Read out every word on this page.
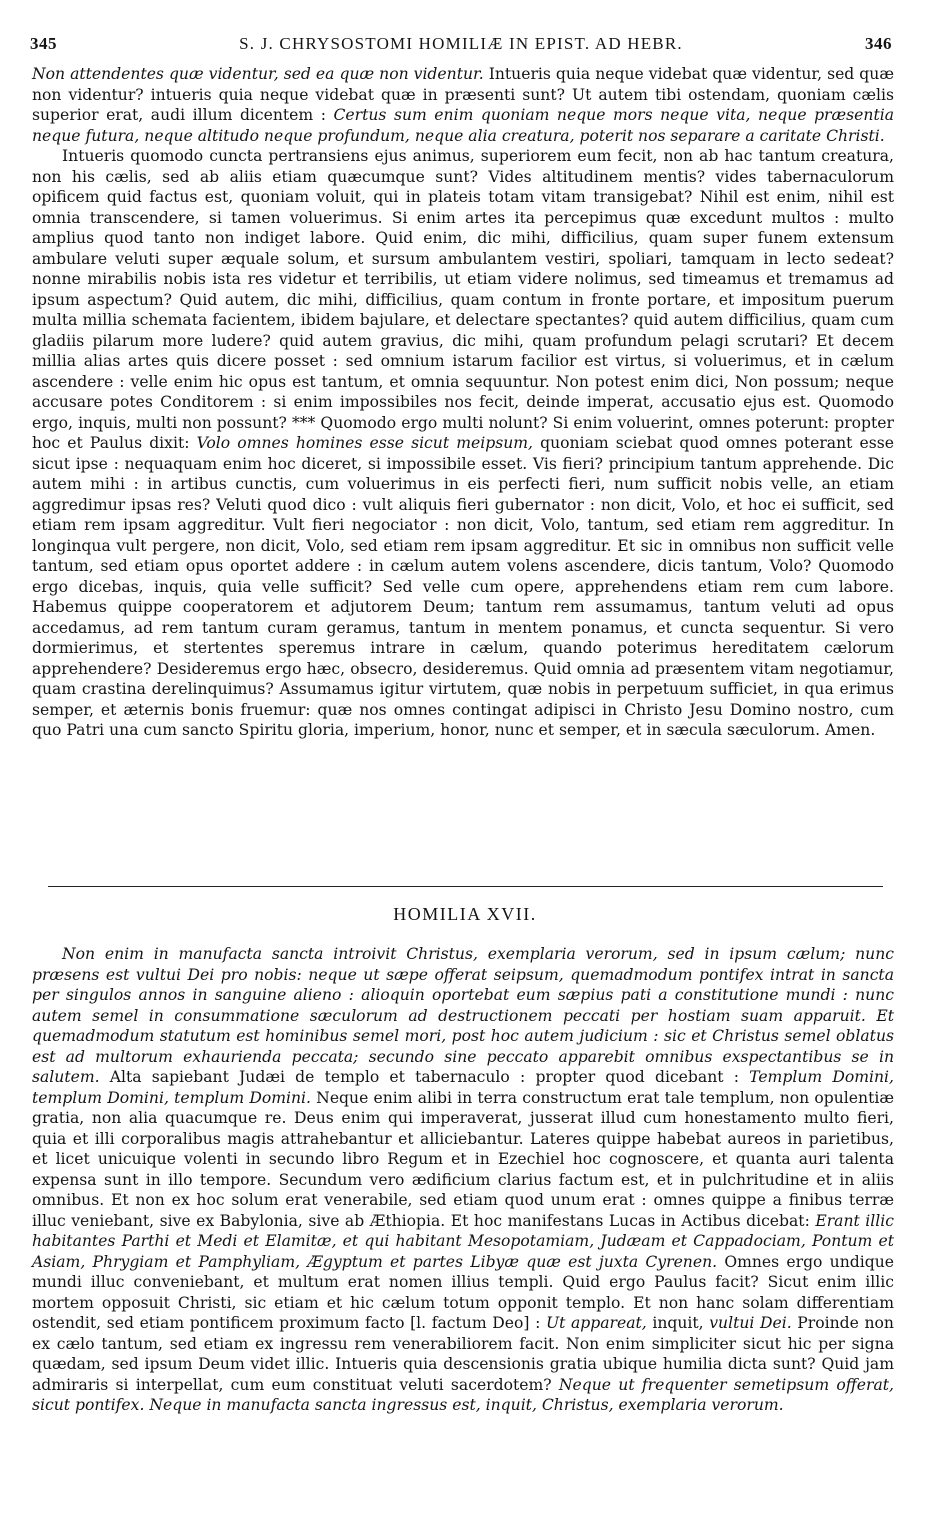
345	S. J. CHRYSOSTOMI HOMILIÆ IN EPIST. AD HEBR.	346

Non attendentes quæ videntur, sed ea quæ non videntur. Intueris quia neque videbat quæ videntur, sed quæ non videntur? intueris quia neque videbat quæ in præsenti sunt? Ut autem tibi ostendam, quoniam cælis superior erat, audi illum dicentem : Certus sum enim quoniam neque mors neque vita, neque præsentia neque futura, neque altitudo neque profundum, neque alia creatura, poterit nos separare a caritate Christi.

Intueris quomodo cuncta pertransiens ejus animus, superiorem eum fecit, non ab hac tantum creatura, non his cælis, sed ab aliis etiam quæcumque sunt? Vides altitudinem mentis? vides tabernaculorum opificem quid factus est, quoniam voluit, qui in plateis totam vitam transigebat? Nihil est enim, nihil est omnia transcendere, si tamen voluerimus. Si enim artes ita percepimus quæ excedunt multos : multo amplius quod tanto non indiget labore. Quid enim, dic mihi, difficilius, quam super funem extensum ambulare veluti super æquale solum, et sursum ambulantem vestiri, spoliari, tamquam in lecto sedeat? nonne mirabilis nobis ista res videtur et terribilis, ut etiam videre nolimus, sed timeamus et tremamus ad ipsum aspectum? Quid autem, dic mihi, difficilius, quam contum in fronte portare, et impositum puerum multa millia schemata facientem, ibidem bajulare, et delectare spectantes? quid autem difficilius, quam cum gladiis pilarum more ludere? quid autem gravius, dic mihi, quam profundum pelagi scrutari? Et decem millia alias artes quis dicere posset : sed omnium istarum facilior est virtus, si voluerimus, et in cælum ascendere : velle enim hic opus est tantum, et omnia sequuntur. Non potest enim dici, Non possum; neque accusare potes Conditorem : si enim impossibiles nos fecit, deinde imperat, accusatio ejus est. Quomodo ergo, inquis, multi non possunt? *** Quomodo ergo multi nolunt? Si enim voluerint, omnes poterunt: propter hoc et Paulus dixit: Volo omnes homines esse sicut meipsum, quoniam sciebat quod omnes poterant esse sicut ipse : nequaquam enim hoc diceret, si impossibile esset. Vis fieri? principium tantum apprehende. Dic autem mihi : in artibus cunctis, cum voluerimus in eis perfecti fieri, num sufficit nobis velle, an etiam aggredimur ipsas res? Veluti quod dico : vult aliquis fieri gubernator : non dicit, Volo, et hoc ei sufficit, sed etiam rem ipsam aggreditur. Vult fieri negociator : non dicit, Volo, tantum, sed etiam rem aggreditur. In longinqua vult pergere, non dicit, Volo, sed etiam rem ipsam aggreditur. Et sic in omnibus non sufficit velle tantum, sed etiam opus oportet addere : in cælum autem volens ascendere, dicis tantum, Volo? Quomodo ergo dicebas, inquis, quia velle sufficit? Sed velle cum opere, apprehendens etiam rem cum labore. Habemus quippe cooperatorem et adjutorem Deum; tantum rem assumamus, tantum veluti ad opus accedamus, ad rem tantum curam geramus, tantum in mentem ponamus, et cuncta sequentur. Si vero dormierimus, et stertentes speremus intrare in cælum, quando poterimus hereditatem cælorum apprehendere? Desideremus ergo hæc, obsecro, desideremus. Quid omnia ad præsentem vitam negotiamur, quam crastina derelinquimus? Assumamus igitur virtutem, quæ nobis in perpetuum sufficiet, in qua erimus semper, et æternis bonis fruemur: quæ nos omnes contingat adipisci in Christo Jesu Domino nostro, cum quo Patri una cum sancto Spiritu gloria, imperium, honor, nunc et semper, et in sæcula sæculorum. Amen.

HOMILIA XVII.

Non enim in manufacta sancta introivit Christus, exemplaria verorum, sed in ipsum cælum; nunc præsens est vultui Dei pro nobis: neque ut sæpe offerat seipsum, quemadmodum pontifex intrat in sancta per singulos annos in sanguine alieno : alioquin oportebat eum sæpius pati a constitutione mundi : nunc autem semel in consummatione sæculorum ad destructionem peccati per hostiam suam apparuit. Et quemadmodum statutum est hominibus semel mori, post hoc autem judicium : sic et Christus semel oblatus est ad multorum exhaurienda peccata; secundo sine peccato apparebit omnibus exspectantibus se in salutem. Alta sapiebant Judæi de templo et tabernaculo : propter quod dicebant : Templum Domini, templum Domini, templum Domini. Neque enim alibi in terra constructum erat tale templum, non opulentiæ gratia, non alia quacumque re. Deus enim qui imperaverat, jusserat illud cum honestamento multo fieri, quia et illi corporalibus magis attrahebantur et alliciebantur. Lateres quippe habebat aureos in parietibus, et licet unicuique volenti in secundo libro Regum et in Ezechiel hoc cognoscere, et quanta auri talenta expensa sunt in illo tempore. Secundum vero ædificium clarius factum est, et in pulchritudine et in aliis omnibus. Et non ex hoc solum erat venerabile, sed etiam quod unum erat : omnes quippe a finibus terræ illuc veniebant, sive ex Babylonia, sive ab Æthiopia. Et hoc manifestans Lucas in Actibus dicebat: Erant illic habitantes Parthi et Medi et Elamitæ, et qui habitant Mesopotamiam, Judæam et Cappadociam, Pontum et Asiam, Phrygiam et Pamphyliam, Ægyptum et partes Libyæ quæ est juxta Cyrenen. Omnes ergo undique mundi illuc conveniebant, et multum erat nomen illius templi. Quid ergo Paulus facit? Sicut enim illic mortem opposuit Christi, sic etiam et hic cælum totum opponit templo. Et non hanc solam differentiam ostendit, sed etiam pontificem proximum facto [l. factum Deo] : Ut appareat, inquit, vultui Dei. Proinde non ex cælo tantum, sed etiam ex ingressu rem venerabiliorem facit. Non enim simpliciter sicut hic per signa quædam, sed ipsum Deum videt illic. Intueris quia descensionis gratia ubique humilia dicta sunt? Quid jam admiraris si interpellat, cum eum constituat veluti sacerdotem? Neque ut frequenter semetipsum offerat, sicut pontifex. Neque in manufacta sancta ingressus est, inquit, Christus, exemplaria verorum.
